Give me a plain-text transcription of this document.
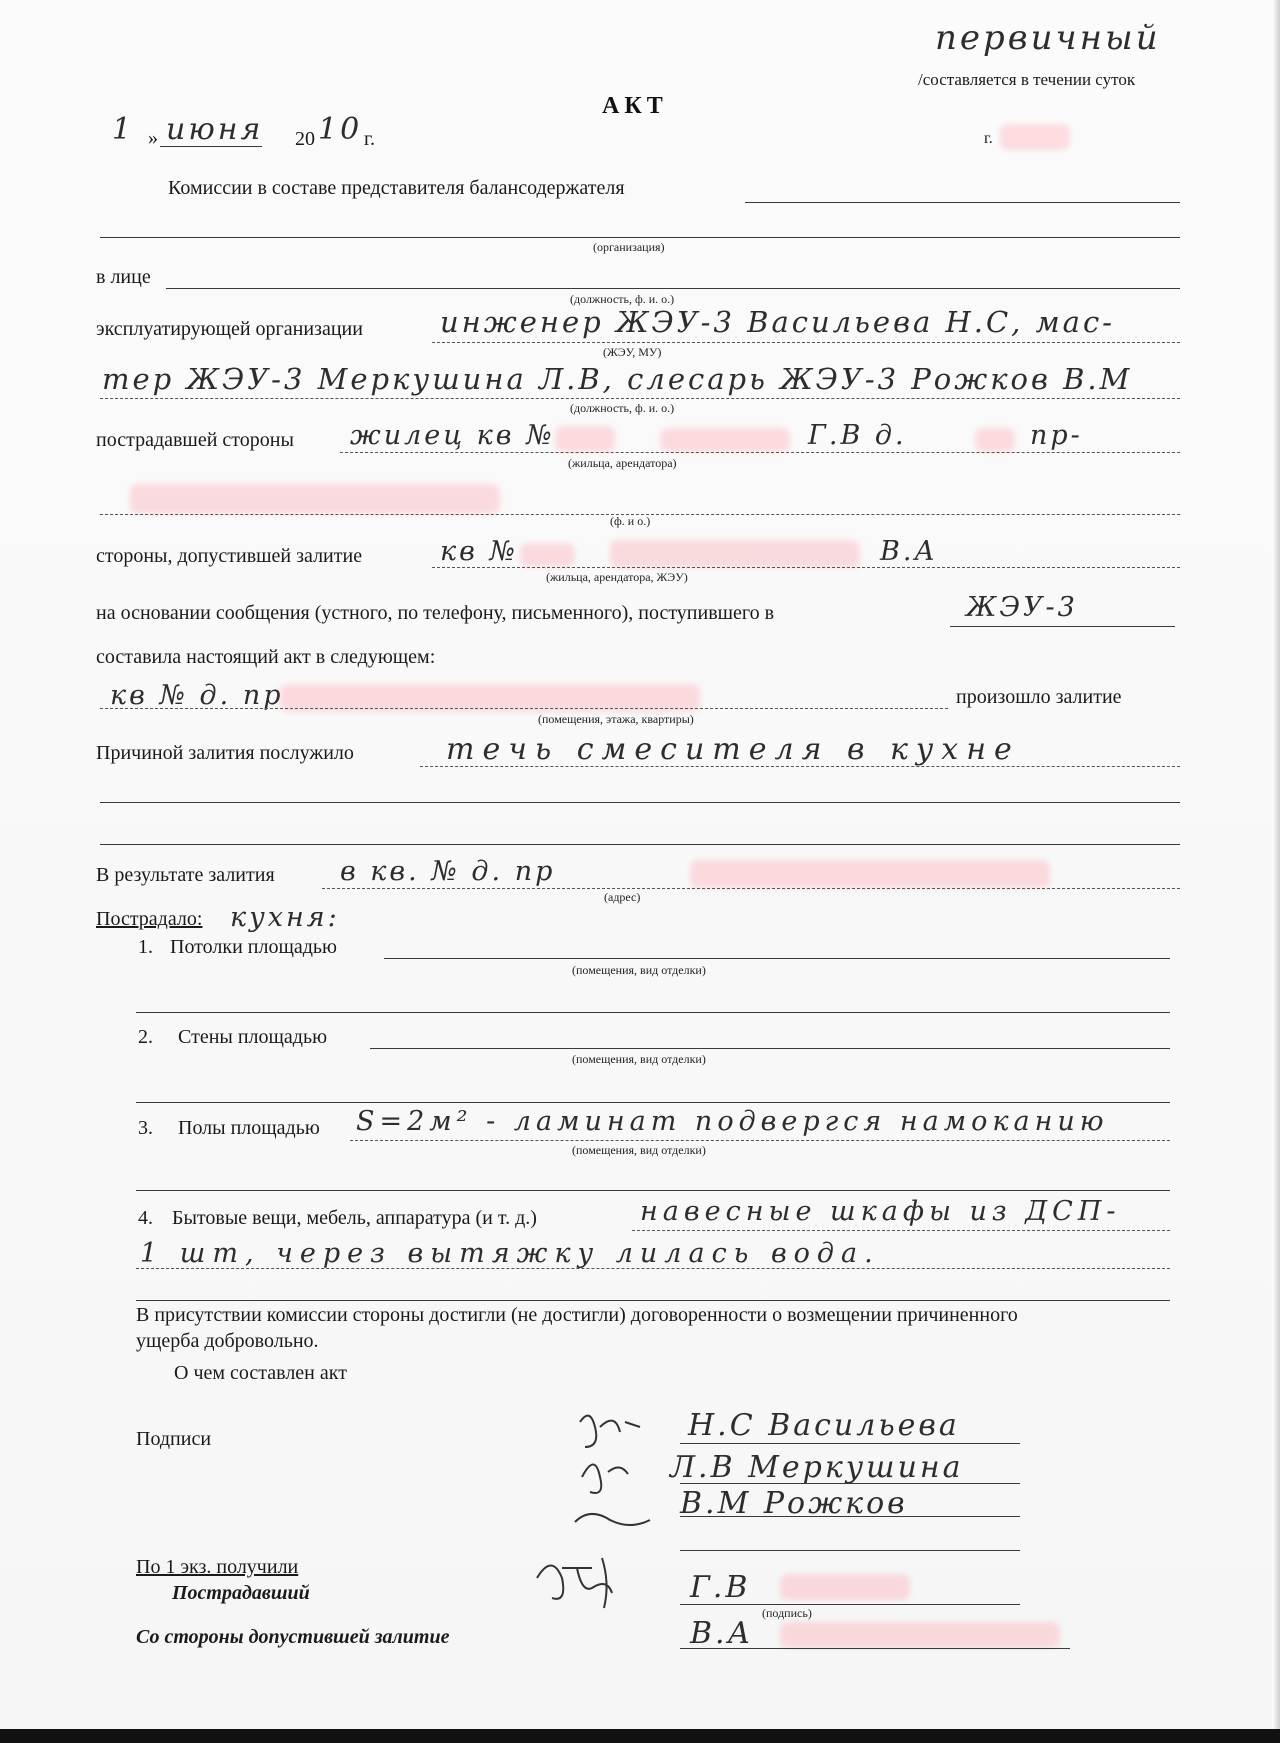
первичный
/составляется в течении суток
АКТ
1 » июня 20 10 г.	г.
Комиссии в составе представителя балансодержателя
(организация)
в лице
(должность, ф. и. о.)
эксплуатирующей организации	инженер ЖЭУ-3 Васильева Н.С, мас-
(ЖЭУ, МУ)
тер ЖЭУ-3 Меркушина Л.В, слесарь ЖЭУ-3 Рожков В.М
(должность, ф. и. о.)
пострадавшей стороны жилец кв №	Г.В д.	пр-
(жильца, арендатора)
(ф. и о.)
стороны, допустившей залитие	кв №	В.А
(жильца, арендатора, ЖЭУ)
на основании сообщения (устного, по телефону, письменного), поступившего в	ЖЭУ-3
составила настоящий акт в следующем:
кв № д. пр
(помещения, этажа, квартиры)
произошло залитие
Причиной залития послужило	течь смесителя в кухне
В результате залития в кв. № д. пр
(адрес)
Пострадало: кухня:
1. Потолки площадью
(помещения, вид отделки)
2. Стены площадью
(помещения, вид отделки)
3. Полы площадью S=2м² - ламинат подвергся намоканию
(помещения, вид отделки)
4. Бытовые вещи, мебель, аппаратура (и т. д.)	навесные шкафы из ДСП-
1 шт, через вытяжку лилась вода.
В присутствии комиссии стороны достигли (не достигли) договоренности о возмещении причиненного
ущерба добровольно.
О чем составлен акт
Подписи	Н.С Васильева
Л.В Меркушина
В.М Рожков
По 1 экз. получили
Пострадавший	Г.В
(подпись)
Со стороны допустившей залитие	В.А
